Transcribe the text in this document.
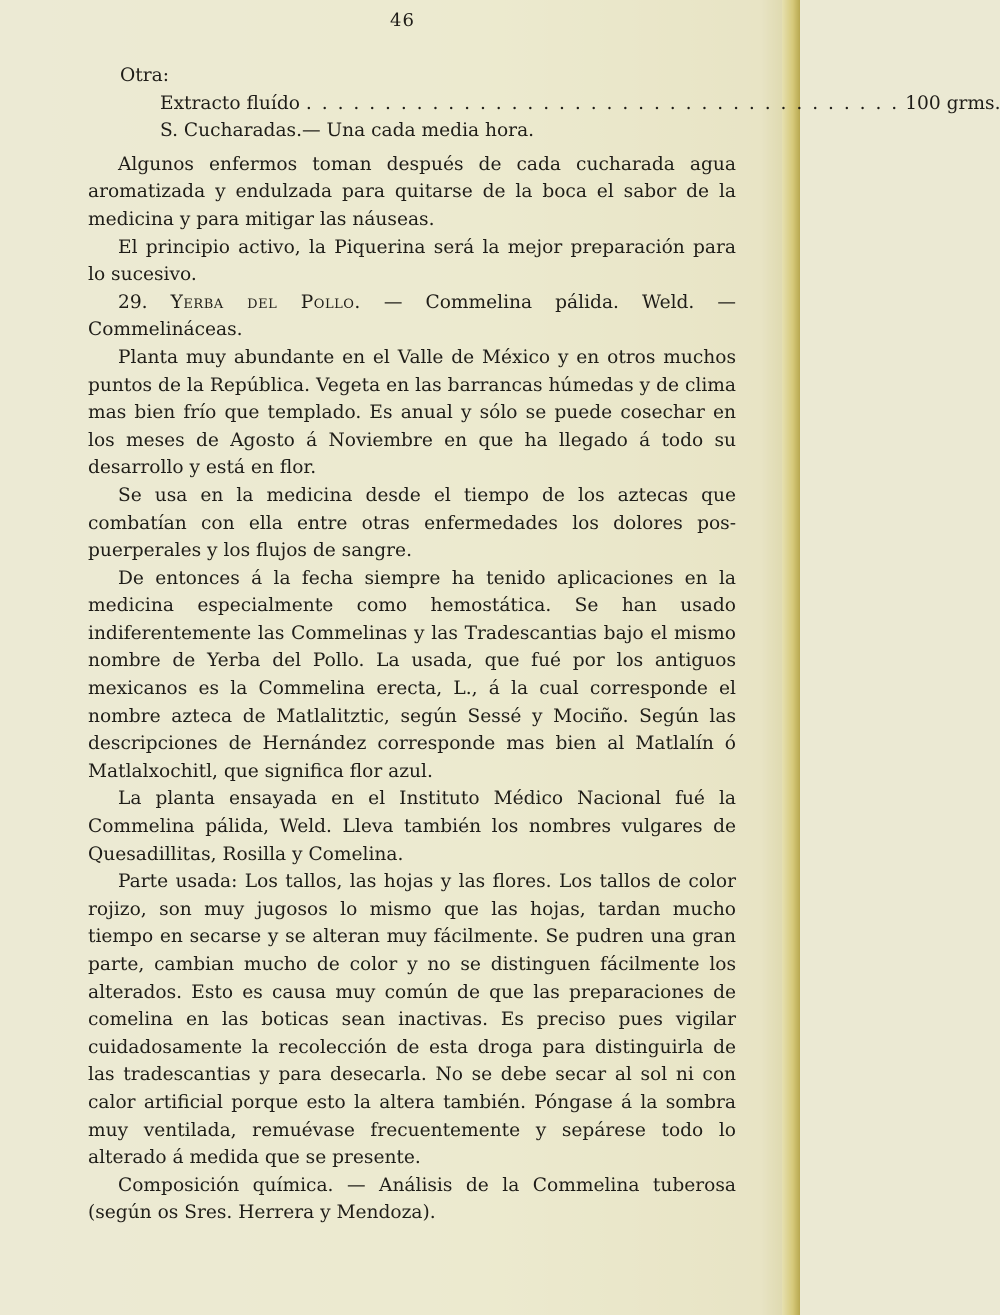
46

Otra:

Extracto fluído . . . . . . . . . . . . . . . . . . . . . . . . . . . . . . . . . . . . . . 100 grms.

S. Cucharadas.— Una cada media hora.

Algunos enfermos toman después de cada cucharada agua aromatizada y endulzada para quitarse de la boca el sabor de la medicina y para mitigar las náuseas.

El principio activo, la Piquerina será la mejor preparación para lo sucesivo.

29. Yerba del Pollo. — Commelina pálida. Weld. — Commelináceas.

Planta muy abundante en el Valle de México y en otros muchos puntos de la República. Vegeta en las barrancas húmedas y de clima mas bien frío que templado. Es anual y sólo se puede cosechar en los meses de Agosto á Noviembre en que ha llegado á todo su desarrollo y está en flor.

Se usa en la medicina desde el tiempo de los aztecas que combatían con ella entre otras enfermedades los dolores pos-puerperales y los flujos de sangre.

De entonces á la fecha siempre ha tenido aplicaciones en la medicina especialmente como hemostática. Se han usado indiferentemente las Commelinas y las Tradescantias bajo el mismo nombre de Yerba del Pollo. La usada, que fué por los antiguos mexicanos es la Commelina erecta, L., á la cual corresponde el nombre azteca de Matlalitztic, según Sessé y Mociño. Según las descripciones de Hernández corresponde mas bien al Matlalín ó Matlalxochitl, que significa flor azul.

La planta ensayada en el Instituto Médico Nacional fué la Commelina pálida, Weld. Lleva también los nombres vulgares de Quesadillitas, Rosilla y Comelina.

Parte usada: Los tallos, las hojas y las flores. Los tallos de color rojizo, son muy jugosos lo mismo que las hojas, tardan mucho tiempo en secarse y se alteran muy fácilmente. Se pudren una gran parte, cambian mucho de color y no se distinguen fácilmente los alterados. Esto es causa muy común de que las preparaciones de comelina en las boticas sean inactivas. Es preciso pues vigilar cuidadosamente la recolección de esta droga para distinguirla de las tradescantias y para desecarla. No se debe secar al sol ni con calor artificial porque esto la altera también. Póngase á la sombra muy ventilada, remuévase frecuentemente y sepárese todo lo alterado á medida que se presente.

Composición química. — Análisis de la Commelina tuberosa (según os Sres. Herrera y Mendoza).
